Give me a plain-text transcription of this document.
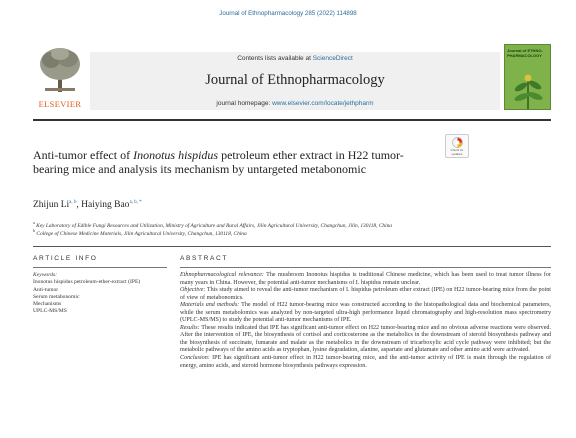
Journal of Ethnopharmacology 285 (2022) 114898
ELSEVIER
Contents lists available at ScienceDirect
Journal of Ethnopharmacology
journal homepage: www.elsevier.com/locate/jethpharm
Journal of ETHNO-PHARMACOLOGY
Anti-tumor effect of Inonotus hispidus petroleum ether extract in H22 tumor-bearing mice and analysis its mechanism by untargeted metabonomic
Check for updates
Zhijun Li$^{a, b}$, Haiying Bao$^{a, b, *}$
$^a$ Key Laboratory of Edible Fungi Resources and Utilization, Ministry of Agriculture and Rural Affairs, Jilin Agricultural University, Changchun, Jilin, 130118, China
$^b$ College of Chinese Medicine Materials, Jilin Agricultural University, Changchun, 130118, China
ARTICLE INFO	ABSTRACT
Keywords:
Inonotus hispidus petroleum-ether-extract (IPE)
Anti-tumor
Serum metabonomic
Mechanisms
UPLC-MS/MS

Ethnopharmacological relevance: The mushroom Inonotus hispidus is traditional Chinese medicine, which has been used to treat tumor illness for many years in China. However, the potential anti-tumor mechanisms of I. hispidus remain unclear.

Objective: This study aimed to reveal the anti-tumor mechanism of I. hispidus petroleum ether extract (IPE) on H22 tumor-bearing mice from the point of view of metabonomics.

Materials and methods: The model of H22 tumor-bearing mice was constructed according to the histopathological data and biochemical parameters, while the serum metabolomics was analyzed by non-targeted ultra-high performance liquid chromatography and high-resolution mass spectrometry (UPLC-MS/MS) to study the potential anti-tumor mechanisms of IPE.

Results: These results indicated that IPE has significant anti-tumor effect on H22 tumor-bearing mice and no obvious adverse reactions were observed. After the intervention of IPE, the biosynthesis of cortisol and corticosterone as the metabolics in the downstream of steroid biosynthesis pathway and the biosynthesis of succinate, fumarate and malate as the metabolics in the downstream of tricarboxylic acid cycle pathway were inhibited; but the metabolic pathways of the amino acids as tryptophan, lysine degradation, alanine, aspartate and glutamate and other amino acid were activated.

Conclusion: IPE has significant anti-tumor effect in H22 tumor-bearing mice, and the anti-tumor activity of IPE is main through the regulation of energy, amino acids, and steroid hormone biosynthesis pathways expression.
